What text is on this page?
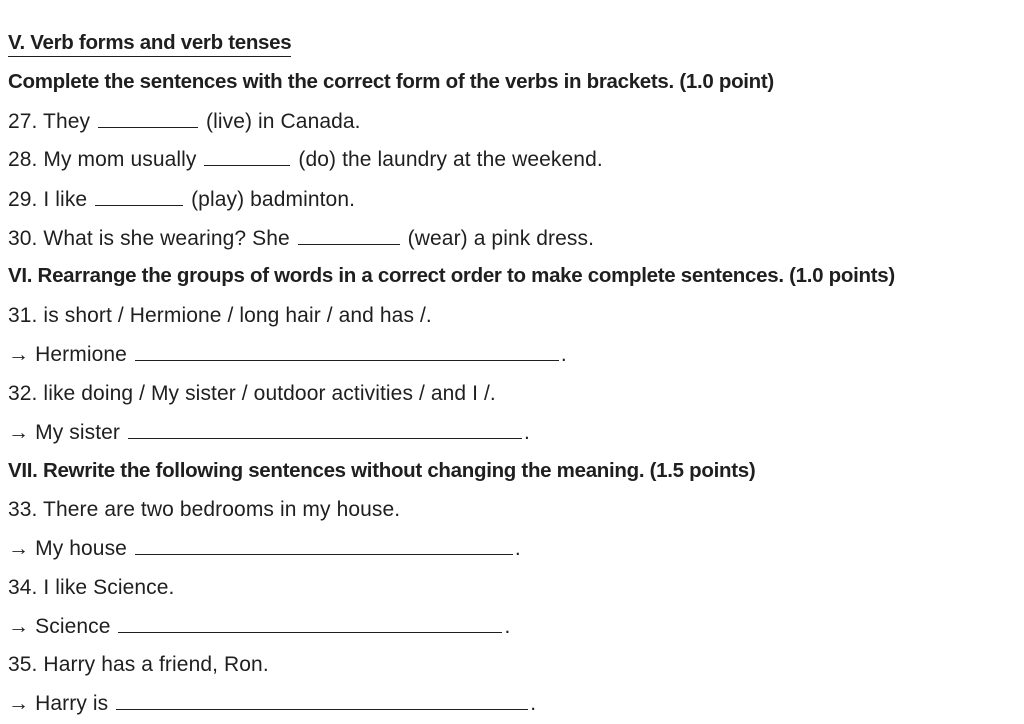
V. Verb forms and verb tenses
Complete the sentences with the correct form of the verbs in brackets. (1.0 point)
27. They	(live) in Canada.
28. My mom usually	(do) the laundry at the weekend.
29. I like	(play) badminton.
30. What is she wearing? She	(wear) a pink dress.
VI. Rearrange the groups of words in a correct order to make complete sentences. (1.0 points)
31. is short / Hermione / long hair / and has /.
→ Hermione	.
32. like doing / My sister / outdoor activities / and I /.
→ My sister	.
VII. Rewrite the following sentences without changing the meaning. (1.5 points)
33. There are two bedrooms in my house.
→ My house	.
34. I like Science.
→ Science	.
35. Harry has a friend, Ron.
→ Harry is	.
